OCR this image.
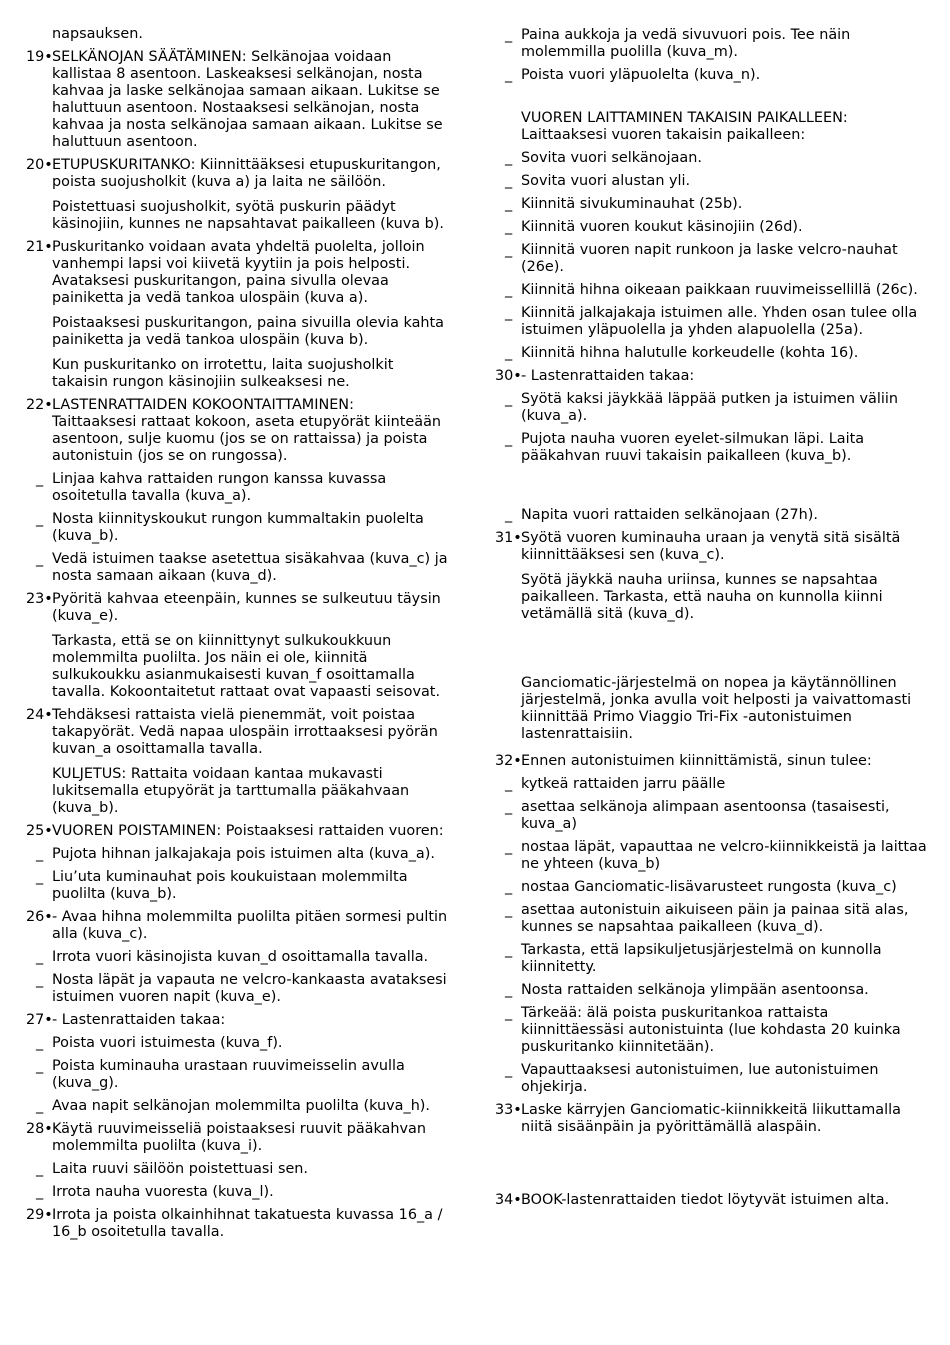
napsauksen.
19• SELKÄNOJAN SÄÄTÄMINEN: Selkänojaa voidaan
kallistaa 8 asentoon. Laskeaksesi selkänojan, nosta
kahvaa ja laske selkänojaa samaan aikaan. Lukitse se
haluttuun asentoon. Nostaaksesi selkänojan, nosta
kahvaa ja nosta selkänojaa samaan aikaan. Lukitse se
haluttuun asentoon.
20• ETUPUSKURITANKO: Kiinnittääksesi etupuskuritangon,
poista suojusholkit (kuva a) ja laita ne säilöön.
Poistettuasi suojusholkit, syötä puskurin päädyt
käsinojiin, kunnes ne napsahtavat paikalleen (kuva b).
21• Puskuritanko voidaan avata yhdeltä puolelta, jolloin
vanhempi lapsi voi kiivetä kyytiin ja pois helposti.
Avataksesi puskuritangon, paina sivulla olevaa
painiketta ja vedä tankoa ulospäin (kuva a).
Poistaaksesi puskuritangon, paina sivuilla olevia kahta
painiketta ja vedä tankoa ulospäin (kuva b).
Kun puskuritanko on irrotettu, laita suojusholkit
takaisin rungon käsinojiin sulkeaksesi ne.
22• LASTENRATTAIDEN KOKOONTAITTAMINEN:
Taittaaksesi rattaat kokoon, aseta etupyörät kiinteään
asentoon, sulje kuomu (jos se on rattaissa) ja poista
autonistuin (jos se on rungossa).
_ Linjaa kahva rattaiden rungon kanssa kuvassa
osoitetulla tavalla (kuva_a).
_ Nosta kiinnityskoukut rungon kummaltakin puolelta
(kuva_b).
_ Vedä istuimen taakse asetettua sisäkahvaa (kuva_c) ja
nosta samaan aikaan (kuva_d).
23• Pyöritä kahvaa eteenpäin, kunnes se sulkeutuu täysin
(kuva_e).
Tarkasta, että se on kiinnittynyt sulkukoukkuun
molemmilta puolilta. Jos näin ei ole, kiinnitä
sulkukoukku asianmukaisesti kuvan_f osoittamalla
tavalla. Kokoontaitetut rattaat ovat vapaasti seisovat.
24• Tehdäksesi rattaista vielä pienemmät, voit poistaa
takapyörät. Vedä napaa ulospäin irrottaaksesi pyörän
kuvan_a osoittamalla tavalla.
KULJETUS: Rattaita voidaan kantaa mukavasti
lukitsemalla etupyörät ja tarttumalla pääkahvaan
(kuva_b).
25• VUOREN POISTAMINEN: Poistaaksesi rattaiden vuoren:
_ Pujota hihnan jalkajakaja pois istuimen alta (kuva_a).
_ Liu’uta kuminauhat pois koukuistaan molemmilta
puolilta (kuva_b).
26• - Avaa hihna molemmilta puolilta pitäen sormesi pultin
alla (kuva_c).
_ Irrota vuori käsinojista kuvan_d osoittamalla tavalla.
_ Nosta läpät ja vapauta ne velcro-kankaasta avataksesi
istuimen vuoren napit (kuva_e).
27• - Lastenrattaiden takaa:
_ Poista vuori istuimesta (kuva_f).
_ Poista kuminauha urastaan ruuvimeisselin avulla
(kuva_g).
_ Avaa napit selkänojan molemmilta puolilta (kuva_h).
28• Käytä ruuvimeisseliä poistaaksesi ruuvit pääkahvan
molemmilta puolilta (kuva_i).
_ Laita ruuvi säilöön poistettuasi sen.
_ Irrota nauha vuoresta (kuva_l).
29• Irrota ja poista olkainhihnat takatuesta kuvassa 16_a /
16_b osoitetulla tavalla.
_ Paina aukkoja ja vedä sivuvuori pois. Tee näin
molemmilla puolilla (kuva_m).
_ Poista vuori yläpuolelta (kuva_n).
VUOREN LAITTAMINEN TAKAISIN PAIKALLEEN:
Laittaaksesi vuoren takaisin paikalleen:
_ Sovita vuori selkänojaan.
_ Sovita vuori alustan yli.
_ Kiinnitä sivukuminauhat (25b).
_ Kiinnitä vuoren koukut käsinojiin (26d).
_ Kiinnitä vuoren napit runkoon ja laske velcro-nauhat
(26e).
_ Kiinnitä hihna oikeaan paikkaan ruuvimeissellillä (26c).
_ Kiinnitä jalkajakaja istuimen alle. Yhden osan tulee olla
istuimen yläpuolella ja yhden alapuolella (25a).
_ Kiinnitä hihna halutulle korkeudelle (kohta 16).
30• - Lastenrattaiden takaa:
_ Syötä kaksi jäykkää läppää putken ja istuimen väliin
(kuva_a).
_ Pujota nauha vuoren eyelet-silmukan läpi. Laita
pääkahvan ruuvi takaisin paikalleen (kuva_b).
_ Napita vuori rattaiden selkänojaan (27h).
31• Syötä vuoren kuminauha uraan ja venytä sitä sisältä
kiinnittääksesi sen (kuva_c).
Syötä jäykkä nauha uriinsa, kunnes se napsahtaa
paikalleen. Tarkasta, että nauha on kunnolla kiinni
vetämällä sitä (kuva_d).
Ganciomatic-järjestelmä on nopea ja käytännöllinen
järjestelmä, jonka avulla voit helposti ja vaivattomasti
kiinnittää Primo Viaggio Tri-Fix -autonistuimen
lastenrattaisiin.
32• Ennen autonistuimen kiinnittämistä, sinun tulee:
_ kytkeä rattaiden jarru päälle
_ asettaa selkänoja alimpaan asentoonsa (tasaisesti,
kuva_a)
_ nostaa läpät, vapauttaa ne velcro-kiinnikkeistä ja laittaa
ne yhteen (kuva_b)
_ nostaa Ganciomatic-lisävarusteet rungosta (kuva_c)
_ asettaa autonistuin aikuiseen päin ja painaa sitä alas,
kunnes se napsahtaa paikalleen (kuva_d).
_ Tarkasta, että lapsikuljetusjärjestelmä on kunnolla
kiinnitetty.
_ Nosta rattaiden selkänoja ylimpään asentoonsa.
_ Tärkeää: älä poista puskuritankoa rattaista
kiinnittäessäsi autonistuinta (lue kohdasta 20 kuinka
puskuritanko kiinnitetään).
_ Vapauttaaksesi autonistuimen, lue autonistuimen
ohjekirja.
33• Laske kärryjen Ganciomatic-kiinnikkeitä liikuttamalla
niitä sisäänpäin ja pyörittämällä alaspäin.
34• BOOK-lastenrattaiden tiedot löytyvät istuimen alta.
